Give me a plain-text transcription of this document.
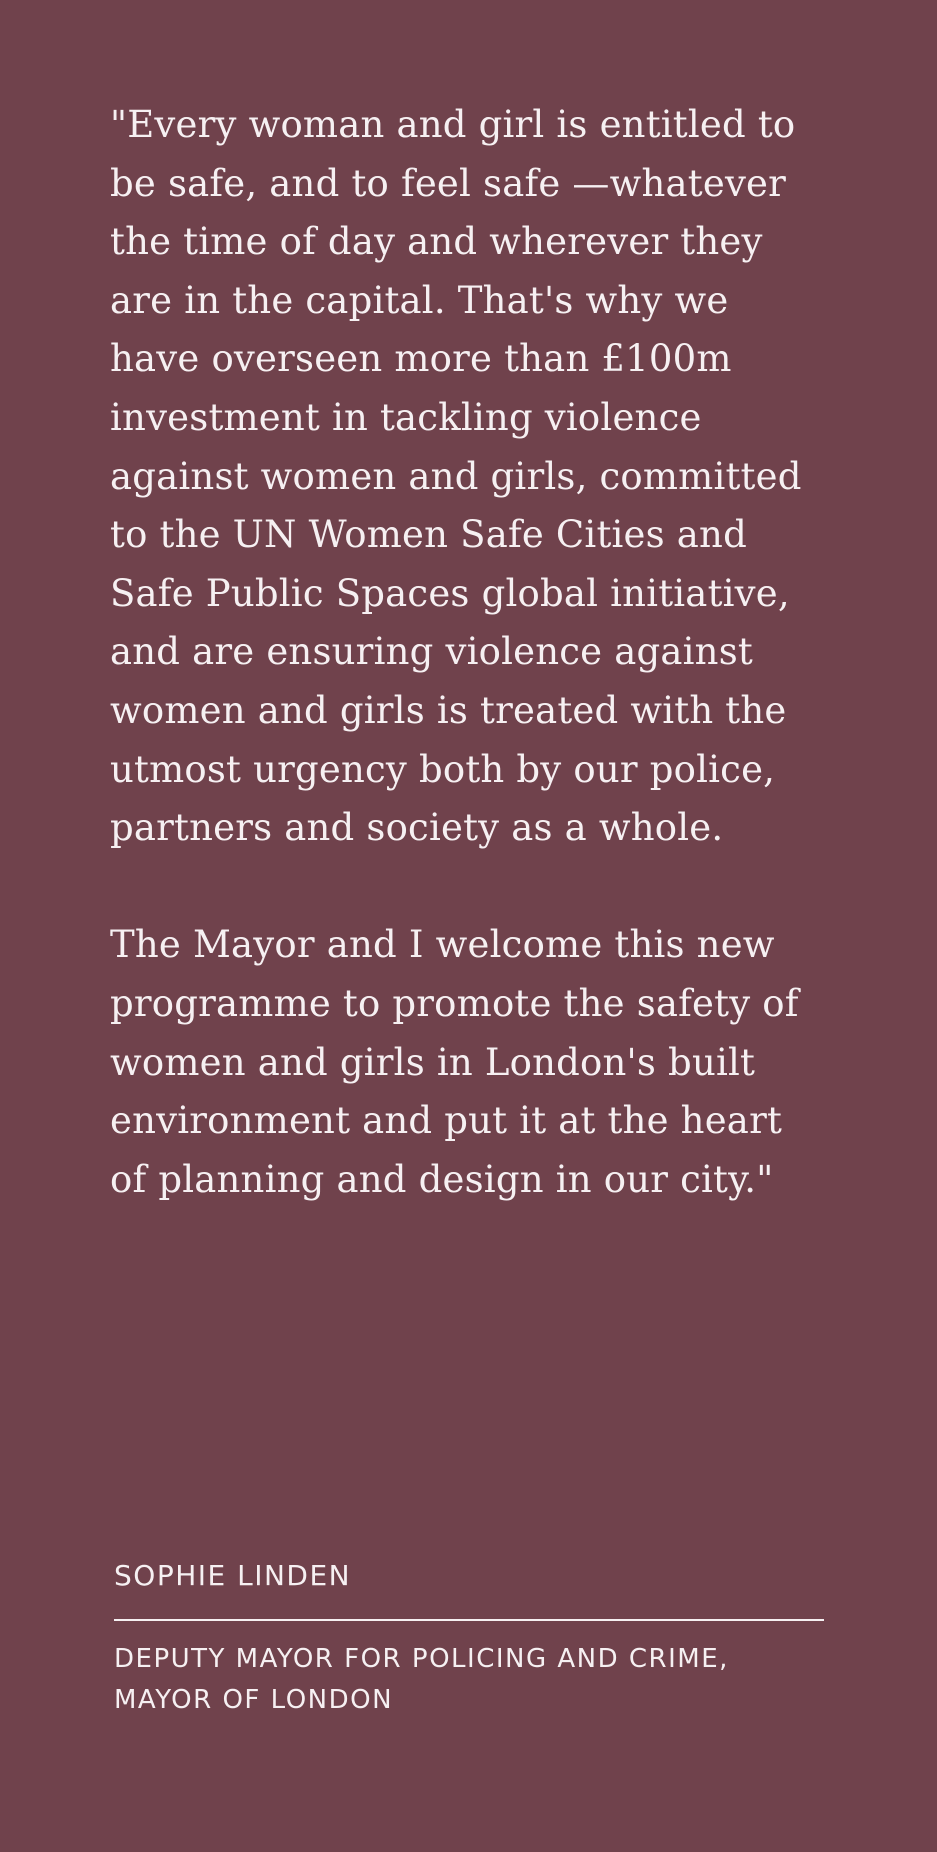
"Every woman and girl is entitled to
be safe, and to feel safe —whatever
the time of day and wherever they
are in the capital. That's why we
have overseen more than £100m
investment in tackling violence
against women and girls, committed
to the UN Women Safe Cities and
Safe Public Spaces global initiative,
and are ensuring violence against
women and girls is treated with the
utmost urgency both by our police,
partners and society as a whole.

The Mayor and I welcome this new
programme to promote the safety of
women and girls in London's built
environment and put it at the heart
of planning and design in our city."

SOPHIE LINDEN
DEPUTY MAYOR FOR POLICING AND CRIME,
MAYOR OF LONDON
